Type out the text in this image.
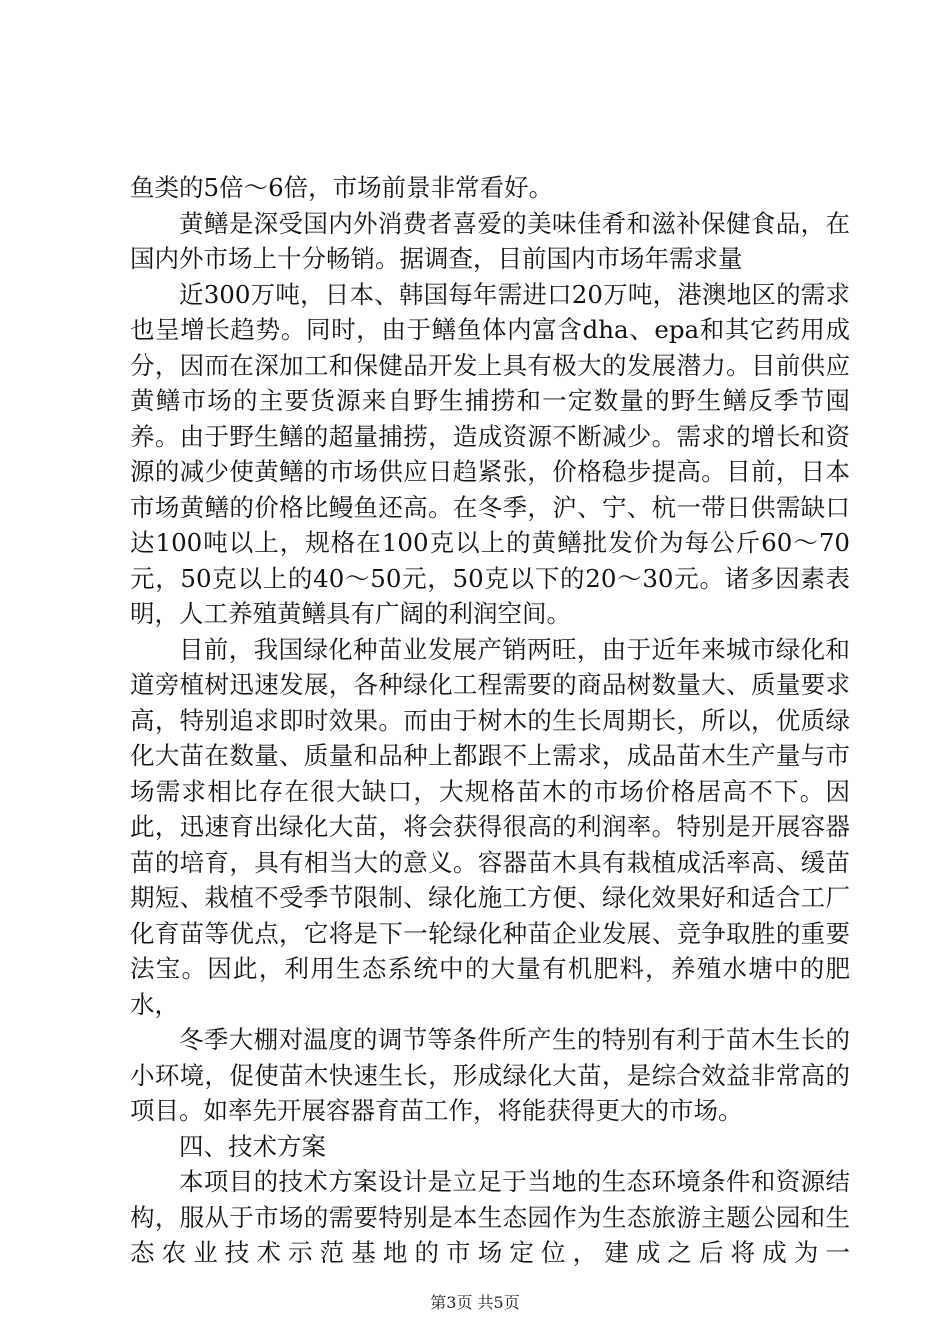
鱼类的5倍～6倍，市场前景非常看好。

黄鳝是深受国内外消费者喜爱的美味佳肴和滋补保健食品，在国内外市场上十分畅销。据调查，目前国内市场年需求量

近300万吨，日本、韩国每年需进口20万吨，港澳地区的需求也呈增长趋势。同时，由于鳝鱼体内富含dha、epa和其它药用成分，因而在深加工和保健品开发上具有极大的发展潜力。目前供应黄鳝市场的主要货源来自野生捕捞和一定数量的野生鳝反季节囤养。由于野生鳝的超量捕捞，造成资源不断减少。需求的增长和资源的减少使黄鳝的市场供应日趋紧张，价格稳步提高。目前，日本市场黄鳝的价格比鳗鱼还高。在冬季，沪、宁、杭一带日供需缺口达100吨以上，规格在100克以上的黄鳝批发价为每公斤60～70元，50克以上的40～50元，50克以下的20～30元。诸多因素表明，人工养殖黄鳝具有广阔的利润空间。

目前，我国绿化种苗业发展产销两旺，由于近年来城市绿化和道旁植树迅速发展，各种绿化工程需要的商品树数量大、质量要求高，特别追求即时效果。而由于树木的生长周期长，所以，优质绿化大苗在数量、质量和品种上都跟不上需求，成品苗木生产量与市场需求相比存在很大缺口，大规格苗木的市场价格居高不下。因此，迅速育出绿化大苗，将会获得很高的利润率。特别是开展容器苗的培育，具有相当大的意义。容器苗木具有栽植成活率高、缓苗期短、栽植不受季节限制、绿化施工方便、绿化效果好和适合工厂化育苗等优点，它将是下一轮绿化种苗企业发展、竞争取胜的重要法宝。因此，利用生态系统中的大量有机肥料，养殖水塘中的肥水，

冬季大棚对温度的调节等条件所产生的特别有利于苗木生长的小环境，促使苗木快速生长，形成绿化大苗，是综合效益非常高的项目。如率先开展容器育苗工作，将能获得更大的市场。

四、技术方案

本项目的技术方案设计是立足于当地的生态环境条件和资源结构，服从于市场的需要特别是本生态园作为生态旅游主题公园和生态农业技术示范基地的市场定位，建成之后将成为一

第3页 共5页
